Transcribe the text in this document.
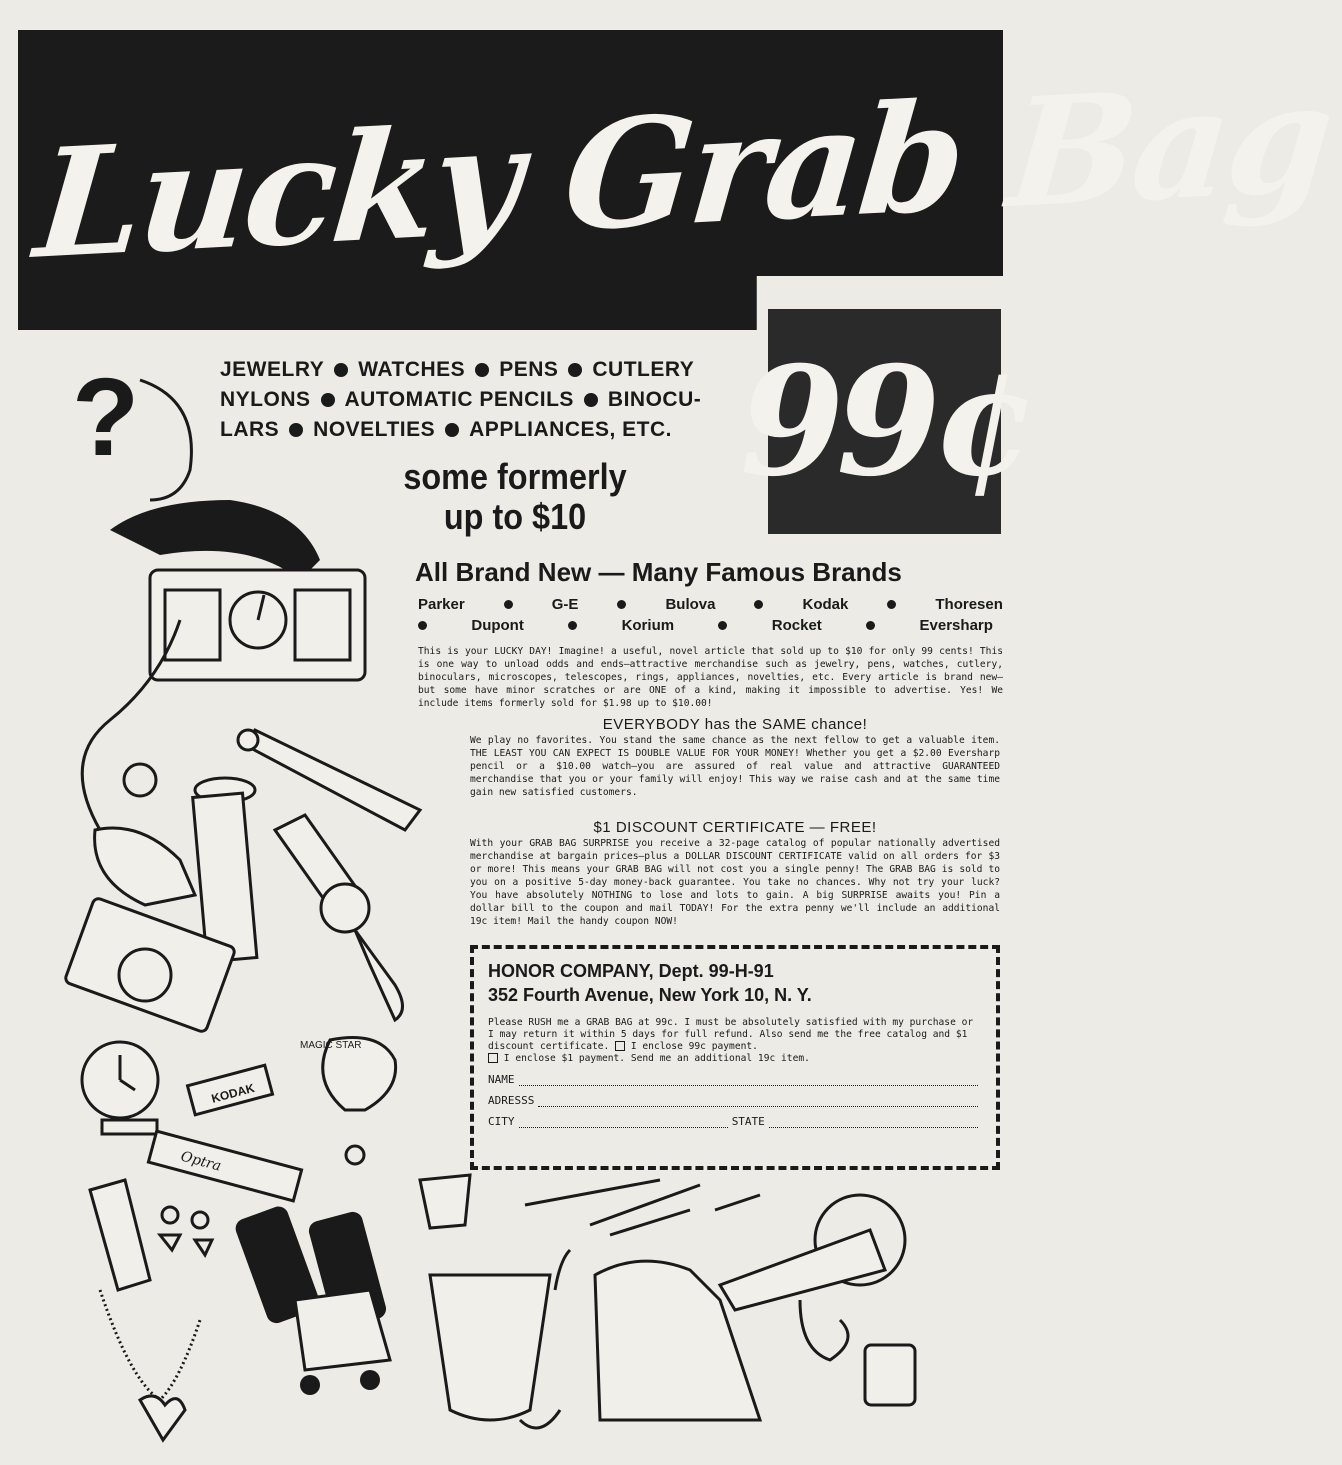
Lucky Grab Bag
99¢
?
KODAK
MAGIC STAR
Optra
JEWELRY WATCHES PENS CUTLERY
NYLONS AUTOMATIC PENCILS BINOCU-
LARS NOVELTIES APPLIANCES, ETC.
some formerly
up to $10
All Brand New — Many Famous Brands
Parker	G-E	Bulova	Kodak	Thoresen
Dupont	Korium	Rocket	Eversharp
This is your LUCKY DAY! Imagine! a useful, novel article that sold up to $10 for only 99 cents! This is one way to unload odds and ends—attractive merchandise such as jewelry, pens, watches, cutlery, binoculars, microscopes, telescopes, rings, appliances, novelties, etc. Every article is brand new—but some have minor scratches or are ONE of a kind, making it impossible to advertise. Yes! We include items formerly sold for $1.98 up to $10.00!
EVERYBODY has the SAME chance!
We play no favorites. You stand the same chance as the next fellow to get a valuable item. THE LEAST YOU CAN EXPECT IS DOUBLE VALUE FOR YOUR MONEY! Whether you get a $2.00 Eversharp pencil or a $10.00 watch—you are assured of real value and attractive GUARANTEED merchandise that you or your family will enjoy! This way we raise cash and at the same time gain new satisfied customers.
$1 DISCOUNT CERTIFICATE — FREE!
With your GRAB BAG SURPRISE you receive a 32-page catalog of popular nationally advertised merchandise at bargain prices—plus a DOLLAR DISCOUNT CERTIFICATE valid on all orders for $3 or more! This means your GRAB BAG will not cost you a single penny! The GRAB BAG is sold to you on a positive 5-day money-back guarantee. You take no chances. Why not try your luck? You have absolutely NOTHING to lose and lots to gain. A big SURPRISE awaits you! Pin a dollar bill to the coupon and mail TODAY! For the extra penny we'll include an additional 19c item! Mail the handy coupon NOW!
HONOR COMPANY, Dept. 99-H-91
352 Fourth Avenue, New York 10, N. Y.
Please RUSH me a GRAB BAG at 99c. I must be absolutely satisfied with my purchase or I may return it within 5 days for full refund. Also send me the free catalog and $1 discount certificate. I enclose 99c payment.
I enclose $1 payment. Send me an additional 19c item.
NAME
ADRESSS
CITY	STATE
